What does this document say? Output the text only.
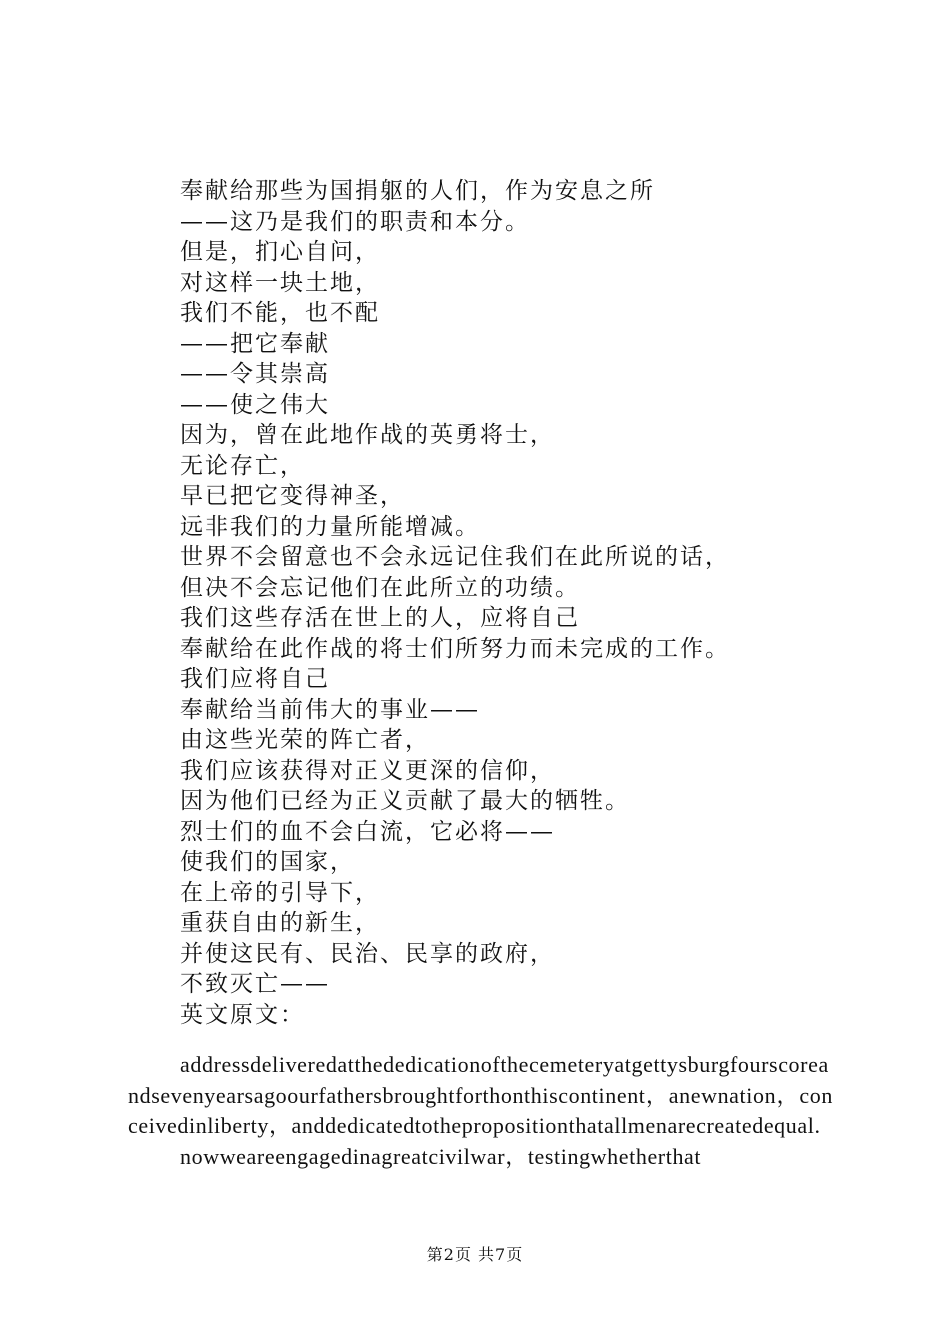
奉献给那些为国捐躯的人们，作为安息之所
——这乃是我们的职责和本分。
但是，扪心自问，
对这样一块土地，
我们不能，也不配
——把它奉献
——令其崇高
——使之伟大
因为，曾在此地作战的英勇将士，
无论存亡，
早已把它变得神圣，
远非我们的力量所能增减。
世界不会留意也不会永远记住我们在此所说的话，
但决不会忘记他们在此所立的功绩。
我们这些存活在世上的人，应将自己
奉献给在此作战的将士们所努力而未完成的工作。
我们应将自己
奉献给当前伟大的事业——
由这些光荣的阵亡者，
我们应该获得对正义更深的信仰，
因为他们已经为正义贡献了最大的牺牲。
烈士们的血不会白流，它必将——
使我们的国家，
在上帝的引导下，
重获自由的新生，
并使这民有、民治、民享的政府，
不致灭亡——
英文原文：

addressdeliveredatthededicationofthecemeteryatgettysburgfourscoreandsevenyearsagoourfathersbroughtforthonthiscontinent，anewnation，conceivedinliberty，anddedicatedtothepropositionthatallmenarecreatedequal.

nowweareengagedinagreatcivilwar，testingwhetherthat

第2页 共7页
